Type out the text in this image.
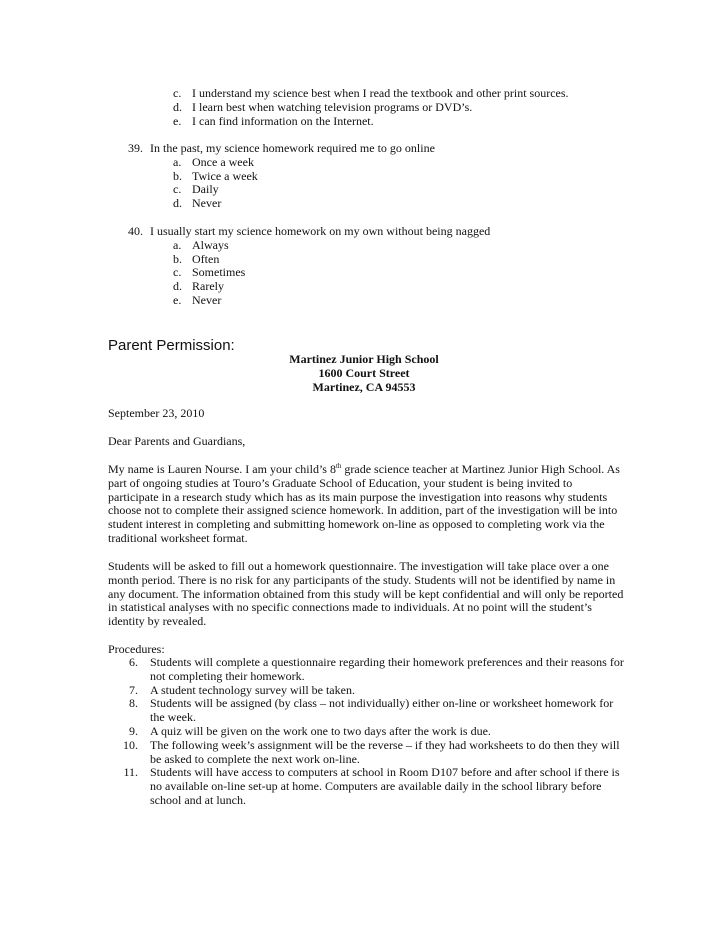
c. I understand my science best when I read the textbook and other print sources.
d. I learn best when watching television programs or DVD’s.
e. I can find information on the Internet.
39. In the past, my science homework required me to go online
a. Once a week
b. Twice a week
c. Daily
d. Never
40. I usually start my science homework on my own without being nagged
a. Always
b. Often
c. Sometimes
d. Rarely
e. Never
Parent Permission:
Martinez Junior High School
1600 Court Street
Martinez, CA 94553
September 23, 2010
Dear Parents and Guardians,
My name is Lauren Nourse. I am your child’s 8th grade science teacher at Martinez Junior High School. As
part of ongoing studies at Touro’s Graduate School of Education, your student is being invited to
participate in a research study which has as its main purpose the investigation into reasons why students
choose not to complete their assigned science homework. In addition, part of the investigation will be into
student interest in completing and submitting homework on-line as opposed to completing work via the
traditional worksheet format.
Students will be asked to fill out a homework questionnaire. The investigation will take place over a one
month period. There is no risk for any participants of the study. Students will not be identified by name in
any document. The information obtained from this study will be kept confidential and will only be reported
in statistical analyses with no specific connections made to individuals. At no point will the student’s
identity by revealed.
Procedures:
6. Students will complete a questionnaire regarding their homework preferences and their reasons for
not completing their homework.
7. A student technology survey will be taken.
8. Students will be assigned (by class – not individually) either on-line or worksheet homework for
the week.
9. A quiz will be given on the work one to two days after the work is due.
10. The following week’s assignment will be the reverse – if they had worksheets to do then they will
be asked to complete the next work on-line.
11. Students will have access to computers at school in Room D107 before and after school if there is
no available on-line set-up at home. Computers are available daily in the school library before
school and at lunch.
